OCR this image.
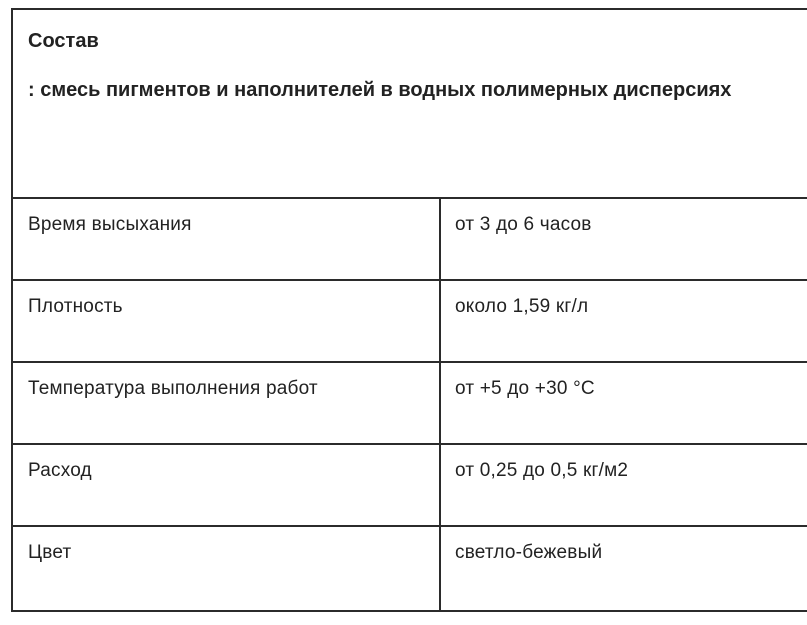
Состав
: смесь пигментов и наполнителей в водных полимерных дисперсиях
Время высыхания	от 3 до 6 часов
Плотность	около 1,59 кг/л
Температура выполнения работ	от +5 до +30 °С
Расход	от 0,25 до 0,5 кг/м2
Цвет	светло-бежевый
